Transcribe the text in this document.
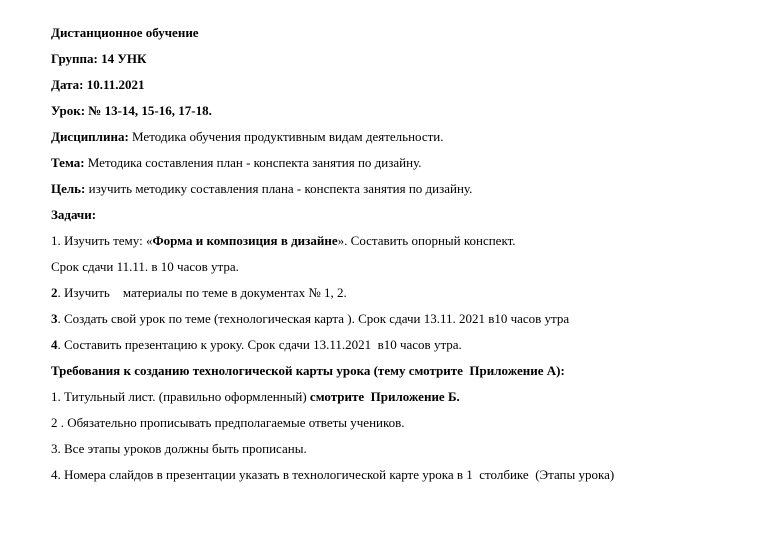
Дистанционное обучение
Группа: 14 УНК
Дата: 10.11.2021
Урок: № 13-14, 15-16, 17-18.
Дисциплина: Методика обучения продуктивным видам деятельности.
Тема: Методика составления план - конспекта занятия по дизайну.
Цель: изучить методику составления плана - конспекта занятия по дизайну.
Задачи:
1. Изучить тему: «Форма и композиция в дизайне». Составить опорный конспект.
Срок сдачи 11.11. в 10 часов утра.
2. Изучить    материалы по теме в документах № 1, 2.
3. Создать свой урок по теме (технологическая карта ). Срок сдачи 13.11. 2021 в10 часов утра
4. Составить презентацию к уроку. Срок сдачи 13.11.2021  в10 часов утра.
Требования к созданию технологической карты урока (тему смотрите  Приложение А):
1. Титульный лист. (правильно оформленный) смотрите  Приложение Б.
2 . Обязательно прописывать предполагаемые ответы учеников.
3. Все этапы уроков должны быть прописаны.
4. Номера слайдов в презентации указать в технологической карте урока в 1  столбике  (Этапы урока)
